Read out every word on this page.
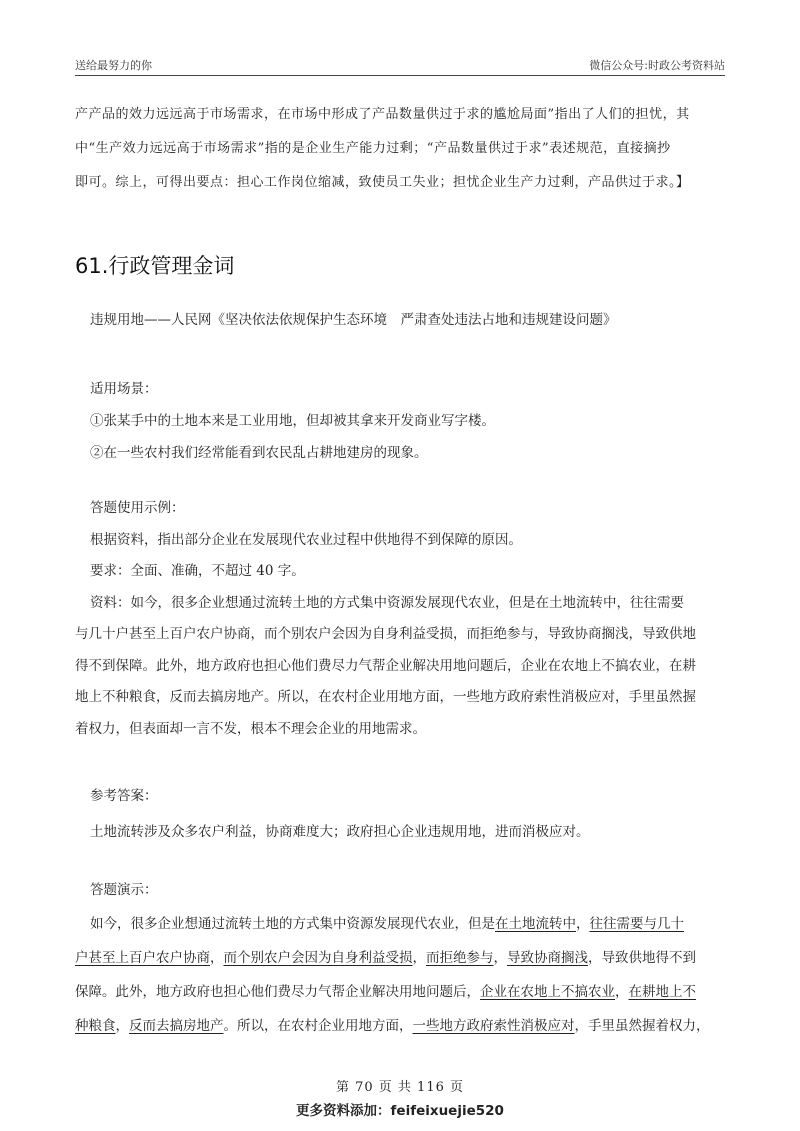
送给最努力的你	微信公众号:时政公考资料站

产产品的效力远远高于市场需求，在市场中形成了产品数量供过于求的尴尬局面”指出了人们的担忧，其

中“生产效力远远高于市场需求”指的是企业生产能力过剩；“产品数量供过于求”表述规范，直接摘抄

即可。综上，可得出要点：担心工作岗位缩减，致使员工失业；担忧企业生产力过剩，产品供过于求。】

61.行政管理金词
违规用地——人民网《坚决依法依规保护生态环境　严肃查处违法占地和违规建设问题》

适用场景：

①张某手中的土地本来是工业用地，但却被其拿来开发商业写字楼。

②在一些农村我们经常能看到农民乱占耕地建房的现象。

答题使用示例：

根据资料，指出部分企业在发展现代农业过程中供地得不到保障的原因。

要求：全面、准确，不超过 40 字。

资料：如今，很多企业想通过流转土地的方式集中资源发展现代农业，但是在土地流转中，往往需要

与几十户甚至上百户农户协商，而个别农户会因为自身利益受损，而拒绝参与，导致协商搁浅，导致供地

得不到保障。此外，地方政府也担心他们费尽力气帮企业解决用地问题后，企业在农地上不搞农业，在耕

地上不种粮食，反而去搞房地产。所以，在农村企业用地方面，一些地方政府索性消极应对，手里虽然握

着权力，但表面却一言不发，根本不理会企业的用地需求。

参考答案：

土地流转涉及众多农户利益，协商难度大；政府担心企业违规用地，进而消极应对。

答题演示：

如今，很多企业想通过流转土地的方式集中资源发展现代农业，但是在土地流转中，往往需要与几十

户甚至上百户农户协商，而个别农户会因为自身利益受损，而拒绝参与，导致协商搁浅，导致供地得不到

保障。此外，地方政府也担心他们费尽力气帮企业解决用地问题后，企业在农地上不搞农业，在耕地上不

种粮食，反而去搞房地产。所以，在农村企业用地方面，一些地方政府索性消极应对，手里虽然握着权力，

第 70 页 共 116 页
更多资料添加：feifeixuejie520
